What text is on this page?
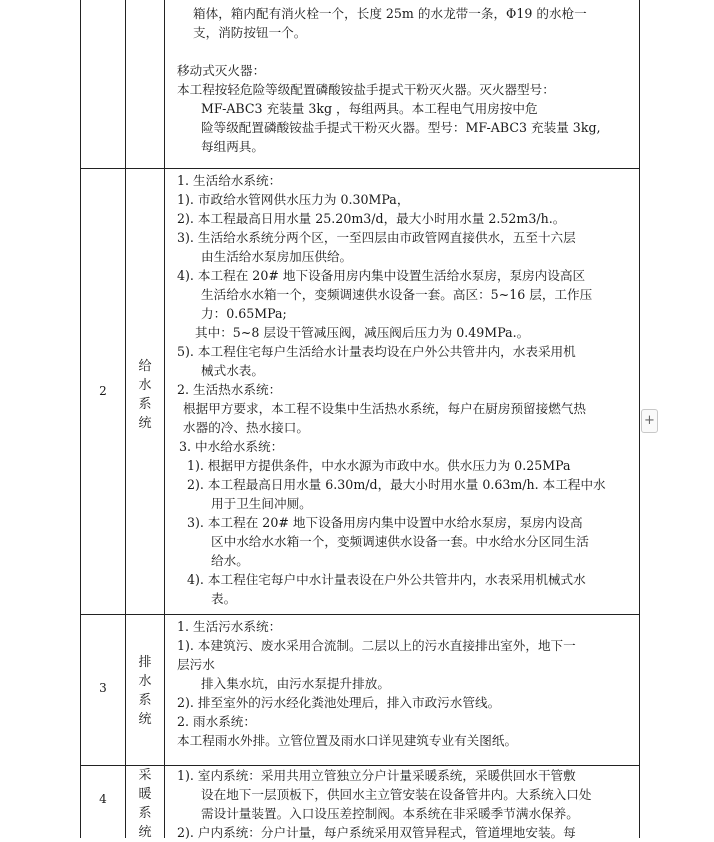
箱体，箱内配有消火栓一个，长度 25m 的水龙带一条，Φ19 的水枪一
支，消防按钮一个。
移动式灭火器：
本工程按轻危险等级配置磷酸铵盐手提式干粉灭火器。灭火器型号：
MF-ABC3 充装量 3kg ，每组两具。本工程电气用房按中危
险等级配置磷酸铵盐手提式干粉灭火器。型号：MF-ABC3 充装量 3kg,
每组两具。
2
给
水
系
统
1. 生活给水系统：
1). 市政给水管网供水压力为 0.30MPa，
2). 本工程最高日用水量 25.20m3/d，最大小时用水量 2.52m3/h.。
3). 生活给水系统分两个区，一至四层由市政管网直接供水，五至十六层
由生活给水泵房加压供给。
4). 本工程在 20# 地下设备用房内集中设置生活给水泵房，泵房内设高区
生活给水水箱一个，变频调速供水设备一套。高区：5~16 层，工作压
力：0.65MPa;
其中：5~8 层设干管减压阀，减压阀后压力为 0.49MPa.。
5). 本工程住宅每户生活给水计量表均设在户外公共管井内，水表采用机
械式水表。
2. 生活热水系统：
根据甲方要求，本工程不设集中生活热水系统，每户在厨房预留接燃气热
水器的冷、热水接口。
3. 中水给水系统：
1). 根据甲方提供条件，中水水源为市政中水。供水压力为 0.25MPa
2). 本工程最高日用水量 6.30m/d，最大小时用水量 0.63m/h. 本工程中水
用于卫生间冲厕。
3). 本工程在 20# 地下设备用房内集中设置中水给水泵房，泵房内设高
区中水给水水箱一个，变频调速供水设备一套。中水给水分区同生活
给水。
4). 本工程住宅每户中水计量表设在户外公共管井内，水表采用机械式水
表。
3
排
水
系
统
1. 生活污水系统：
1). 本建筑污、废水采用合流制。二层以上的污水直接排出室外，地下一
层污水
排入集水坑，由污水泵提升排放。
2). 排至室外的污水经化粪池处理后，排入市政污水管线。
2. 雨水系统：
本工程雨水外排。立管位置及雨水口详见建筑专业有关图纸。
4
采
暖
系
统
1). 室内系统：采用共用立管独立分户计量采暖系统，采暖供回水干管敷
设在地下一层顶板下，供回水主立管安装在设备管井内。大系统入口处
需设计量装置。入口设压差控制阀。本系统在非采暖季节满水保养。
2). 户内系统：分户计量，每户系统采用双管异程式，管道埋地安装。每
+
